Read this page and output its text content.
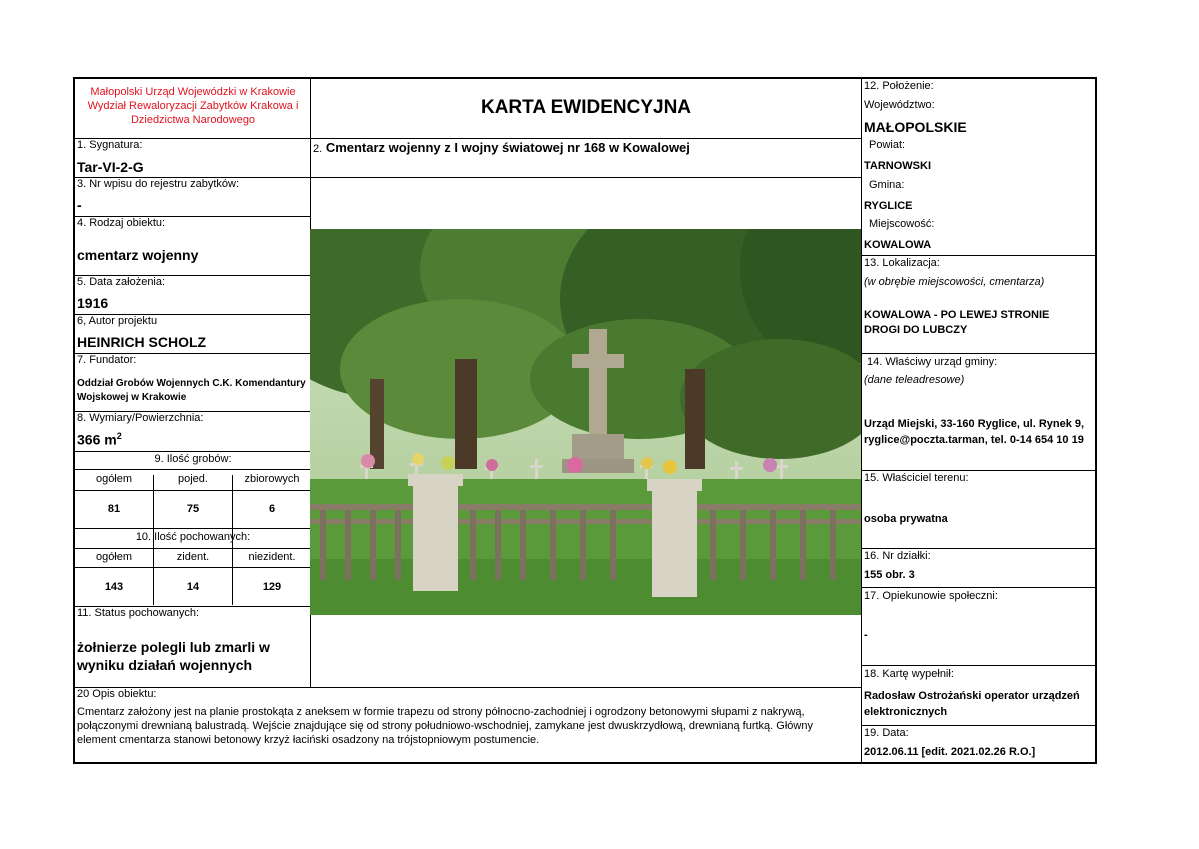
Małopolski Urząd Wojewódzki w Krakowie
Wydział Rewaloryzacji Zabytków Krakowa i
Dziedzictwa Narodowego
KARTA EWIDENCYJNA
1. Sygnatura:
Tar-VI-2-G
3. Nr wpisu do rejestru zabytków:
-
4. Rodzaj obiektu:
cmentarz wojenny
5. Data założenia:
1916
6, Autor projektu
HEINRICH SCHOLZ
7. Fundator:
Oddział Grobów Wojennych C.K. Komendantury
Wojskowej w Krakowie
8. Wymiary/Powierzchnia:
366 $m^2$
9. Ilość grobów:
ogółem	pojed.	zbiorowych
81	75	6
10. Ilość pochowanych:
ogółem	zident.	niezident.
143	14	129
11. Status pochowanych:
żołnierze polegli lub zmarli w
wyniku działań wojennych
2. Cmentarz wojenny z I wojny światowej nr 168 w Kowalowej
12. Położenie:
Województwo:
MAŁOPOLSKIE
Powiat:
TARNOWSKI
Gmina:
RYGLICE
Miejscowość:
KOWALOWA
13. Lokalizacja:
(w obrębie miejscowości, cmentarza)
KOWALOWA - PO LEWEJ STRONIE
DROGI DO LUBCZY
14. Właściwy urząd gminy:
(dane teleadresowe)
Urząd Miejski, 33-160 Ryglice, ul. Rynek 9,
ryglice@poczta.tarman, tel. 0-14 654 10 19
15. Właściciel terenu:
osoba prywatna
16. Nr działki:
155 obr. 3
17. Opiekunowie społeczni:
-
18. Kartę wypełnił:
Radosław Ostrożański operator urządzeń
elektronicznych
19. Data:
2012.06.11 [edit. 2021.02.26 R.O.]
20 Opis obiektu:
Cmentarz założony jest na planie prostokąta z aneksem w formie trapezu od strony północno-zachodniej i ogrodzony betonowymi słupami z nakrywą,
połączonymi drewnianą balustradą. Wejście znajdujące się od strony południowo-wschodniej, zamykane jest dwuskrzydłową, drewnianą furtką. Główny
element cmentarza stanowi betonowy krzyż łaciński osadzony na trójstopniowym postumencie.
